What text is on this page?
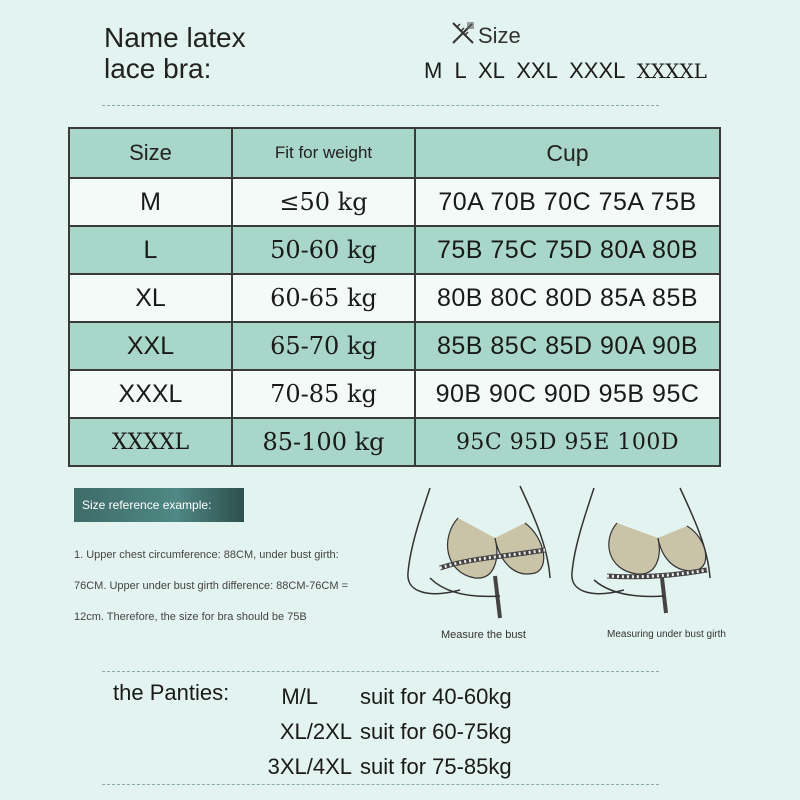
Name latex
lace bra:
Size
M L XL XXL XXXL XXXXL
Size	Fit for weight	Cup
M	≤50 kg	70A 70B 70C 75A 75B
L	50-60 kg	75B 75C 75D 80A 80B
XL	60-65 kg	80B 80C 80D 85A 85B
XXL	65-70 kg	85B 85C 85D 90A 90B
XXXL	70-85 kg	90B 90C 90D 95B 95C
XXXXL	85-100 kg	95C 95D 95E 100D
Size reference example:
1. Upper chest circumference: 88CM, under bust girth:
76CM. Upper under bust girth difference: 88CM-76CM =
12cm. Therefore, the size for bra should be 75B
Measure the bust	Measuring under bust girth
the Panties:	M/L suit for 40-60kg
XL/2XL suit for 60-75kg
3XL/4XL suit for 75-85kg
